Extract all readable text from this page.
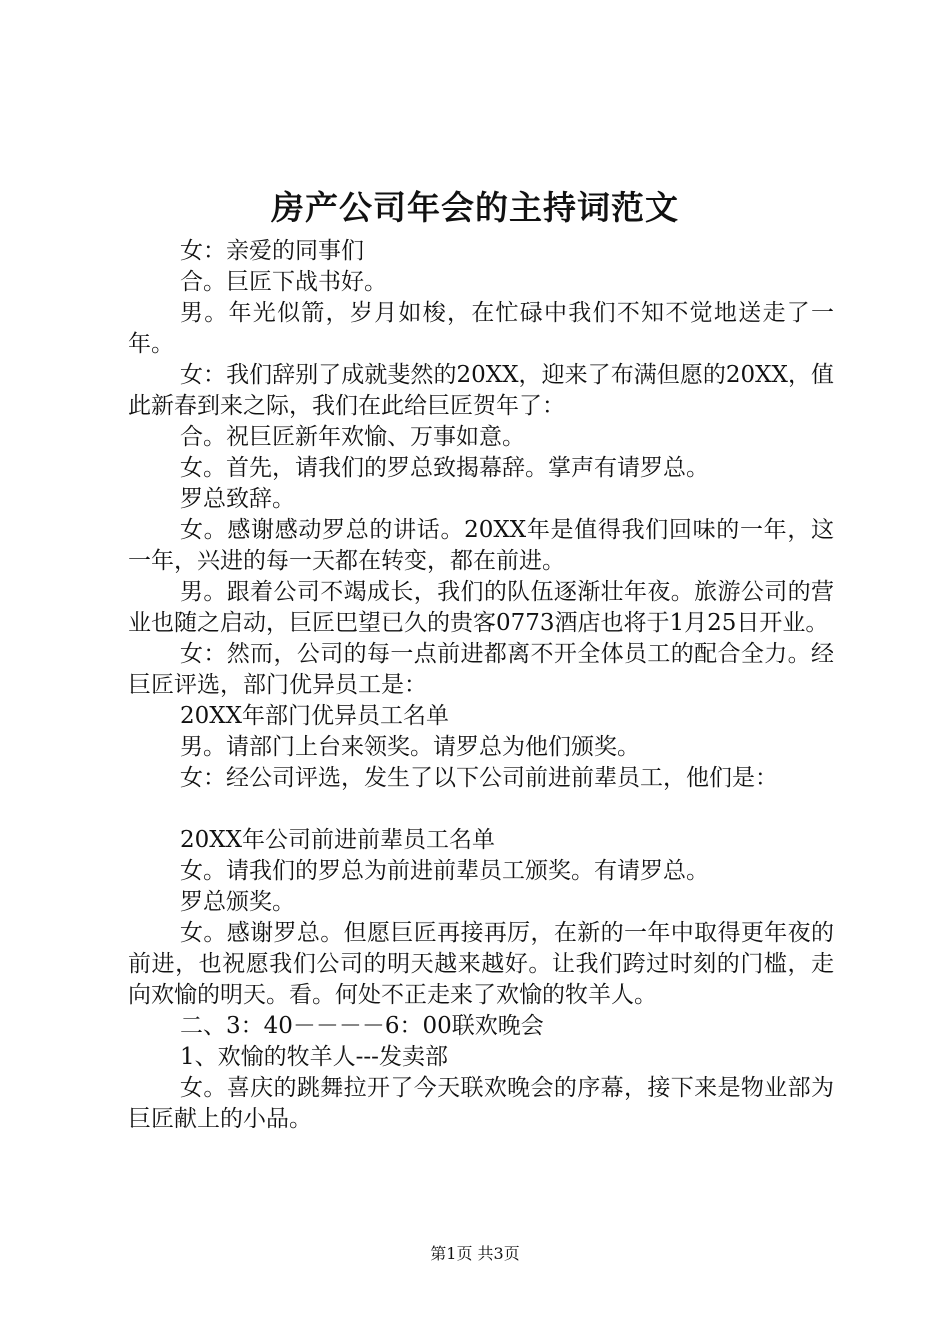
房产公司年会的主持词范文

女：亲爱的同事们

合。巨匠下战书好。

男。年光似箭，岁月如梭，在忙碌中我们不知不觉地送走了一年。

女：我们辞别了成就斐然的20XX，迎来了布满但愿的20XX，值此新春到来之际，我们在此给巨匠贺年了：

合。祝巨匠新年欢愉、万事如意。

女。首先，请我们的罗总致揭幕辞。掌声有请罗总。

罗总致辞。

女。感谢感动罗总的讲话。20XX年是值得我们回味的一年，这一年，兴进的每一天都在转变，都在前进。

男。跟着公司不竭成长，我们的队伍逐渐壮年夜。旅游公司的营业也随之启动，巨匠巴望已久的贵客0773酒店也将于1月25日开业。

女：然而，公司的每一点前进都离不开全体员工的配合全力。经巨匠评选，部门优异员工是：

20XX年部门优异员工名单

男。请部门上台来领奖。请罗总为他们颁奖。

女：经公司评选，发生了以下公司前进前辈员工，他们是：

20XX年公司前进前辈员工名单

女。请我们的罗总为前进前辈员工颁奖。有请罗总。

罗总颁奖。

女。感谢罗总。但愿巨匠再接再厉，在新的一年中取得更年夜的前进，也祝愿我们公司的明天越来越好。让我们跨过时刻的门槛，走向欢愉的明天。看。何处不正走来了欢愉的牧羊人。

二、3：40－－－－6：00联欢晚会

1、欢愉的牧羊人---发卖部

女。喜庆的跳舞拉开了今天联欢晚会的序幕，接下来是物业部为巨匠献上的小品。

第1页 共3页
